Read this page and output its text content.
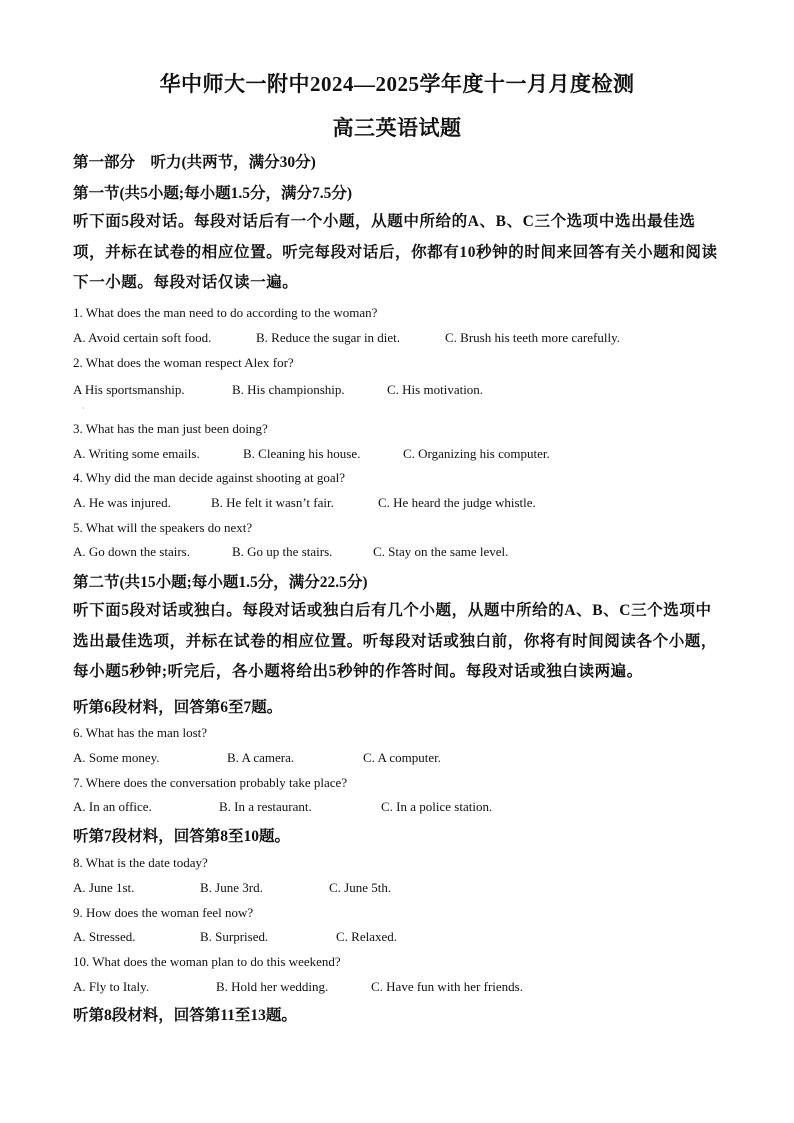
华中师大一附中2024—2025学年度十一月月度检测
高三英语试题
第一部分　听力(共两节，满分30分)
第一节(共5小题;每小题1.5分，满分7.5分)
听下面5段对话。每段对话后有一个小题，从题中所给的A、B、C三个选项中选出最佳选项，并标在试卷的相应位置。听完每段对话后，你都有10秒钟的时间来回答有关小题和阅读下一小题。每段对话仅读一遍。
1. What does the man need to do according to the woman?
A. Avoid certain soft food.	B. Reduce the sugar in diet.	C. Brush his teeth more carefully.
2. What does the woman respect Alex for?
A His sportsmanship.	B. His championship.	C. His motivation.
·
3. What has the man just been doing?
A. Writing some emails.	B. Cleaning his house.	C. Organizing his computer.
4. Why did the man decide against shooting at goal?
A. He was injured.	B. He felt it wasn’t fair.	C. He heard the judge whistle.
5. What will the speakers do next?
A. Go down the stairs.	B. Go up the stairs.	C. Stay on the same level.
第二节(共15小题;每小题1.5分，满分22.5分)
听下面5段对话或独白。每段对话或独白后有几个小题，从题中所给的A、B、C三个选项中选出最佳选项，并标在试卷的相应位置。听每段对话或独白前，你将有时间阅读各个小题，每小题5秒钟;听完后，各小题将给出5秒钟的作答时间。每段对话或独白读两遍。
听第6段材料，回答第6至7题。
6. What has the man lost?
A. Some money.	B. A camera.	C. A computer.
7. Where does the conversation probably take place?
A. In an office.	B. In a restaurant.	C. In a police station.
听第7段材料，回答第8至10题。
8. What is the date today?
A. June 1st.	B. June 3rd.	C. June 5th.
9. How does the woman feel now?
A. Stressed.	B. Surprised.	C. Relaxed.
10. What does the woman plan to do this weekend?
A. Fly to Italy.	B. Hold her wedding.	C. Have fun with her friends.
听第8段材料，回答第11至13题。
